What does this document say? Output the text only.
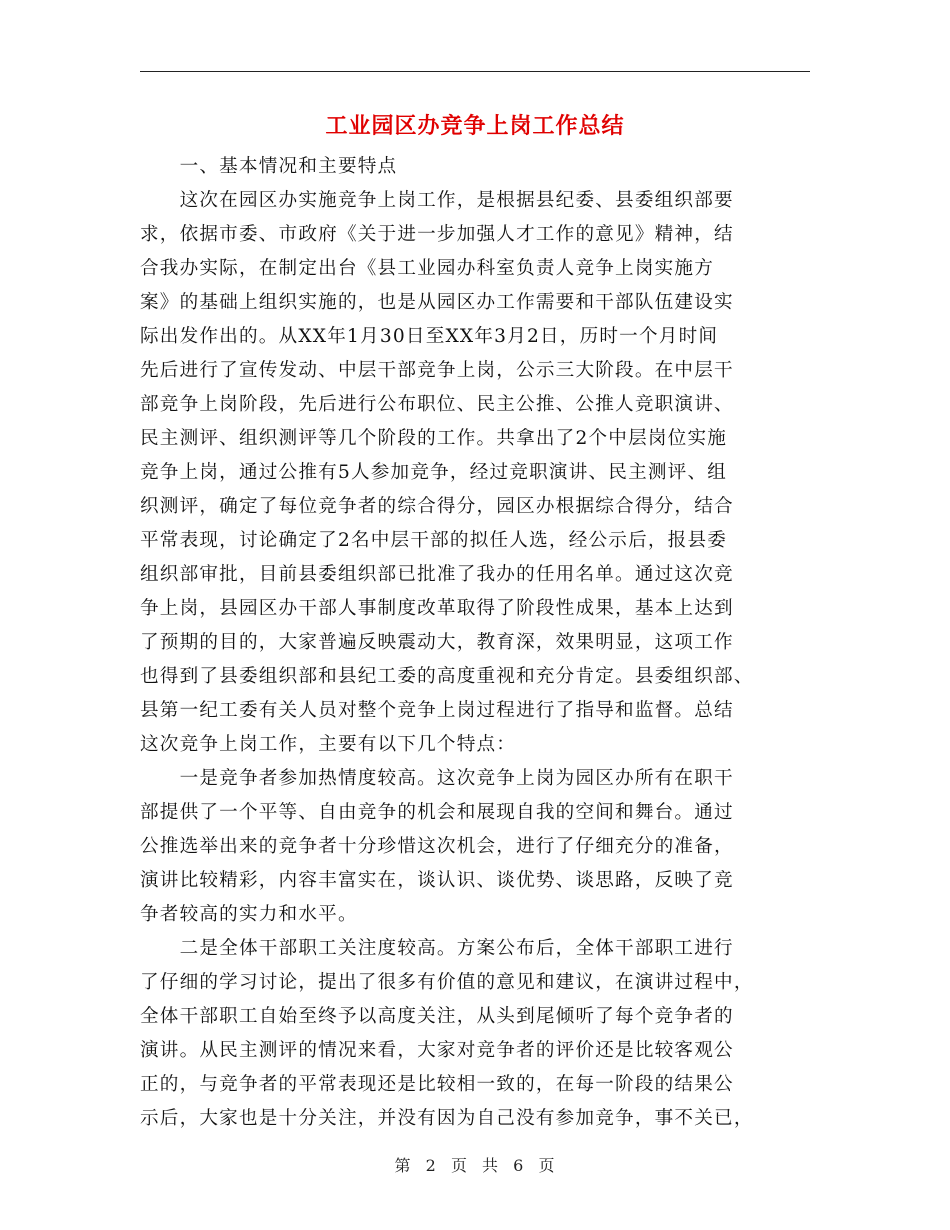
工业园区办竞争上岗工作总结

　　一、基本情况和主要特点

　　这次在园区办实施竞争上岗工作，是根据县纪委、县委组织部要
求，依据市委、市政府《关于进一步加强人才工作的意见》精神，结
合我办实际，在制定出台《县工业园办科室负责人竞争上岗实施方
案》的基础上组织实施的，也是从园区办工作需要和干部队伍建设实
际出发作出的。从XX年1月30日至XX年3月2日，历时一个月时间
先后进行了宣传发动、中层干部竞争上岗，公示三大阶段。在中层干
部竞争上岗阶段，先后进行公布职位、民主公推、公推人竞职演讲、
民主测评、组织测评等几个阶段的工作。共拿出了2个中层岗位实施
竞争上岗，通过公推有5人参加竞争，经过竞职演讲、民主测评、组
织测评，确定了每位竞争者的综合得分，园区办根据综合得分，结合
平常表现，讨论确定了2名中层干部的拟任人选，经公示后，报县委
组织部审批，目前县委组织部已批准了我办的任用名单。通过这次竞
争上岗，县园区办干部人事制度改革取得了阶段性成果，基本上达到
了预期的目的，大家普遍反映震动大，教育深，效果明显，这项工作
也得到了县委组织部和县纪工委的高度重视和充分肯定。县委组织部、
县第一纪工委有关人员对整个竞争上岗过程进行了指导和监督。总结
这次竞争上岗工作，主要有以下几个特点：

　　一是竞争者参加热情度较高。这次竞争上岗为园区办所有在职干
部提供了一个平等、自由竞争的机会和展现自我的空间和舞台。通过
公推选举出来的竞争者十分珍惜这次机会，进行了仔细充分的准备，
演讲比较精彩，内容丰富实在，谈认识、谈优势、谈思路，反映了竞
争者较高的实力和水平。

　　二是全体干部职工关注度较高。方案公布后，全体干部职工进行
了仔细的学习讨论，提出了很多有价值的意见和建议，在演讲过程中，
全体干部职工自始至终予以高度关注，从头到尾倾听了每个竞争者的
演讲。从民主测评的情况来看，大家对竞争者的评价还是比较客观公
正的，与竞争者的平常表现还是比较相一致的，在每一阶段的结果公
示后，大家也是十分关注，并没有因为自己没有参加竞争，事不关已，

第 2 页 共 6 页
